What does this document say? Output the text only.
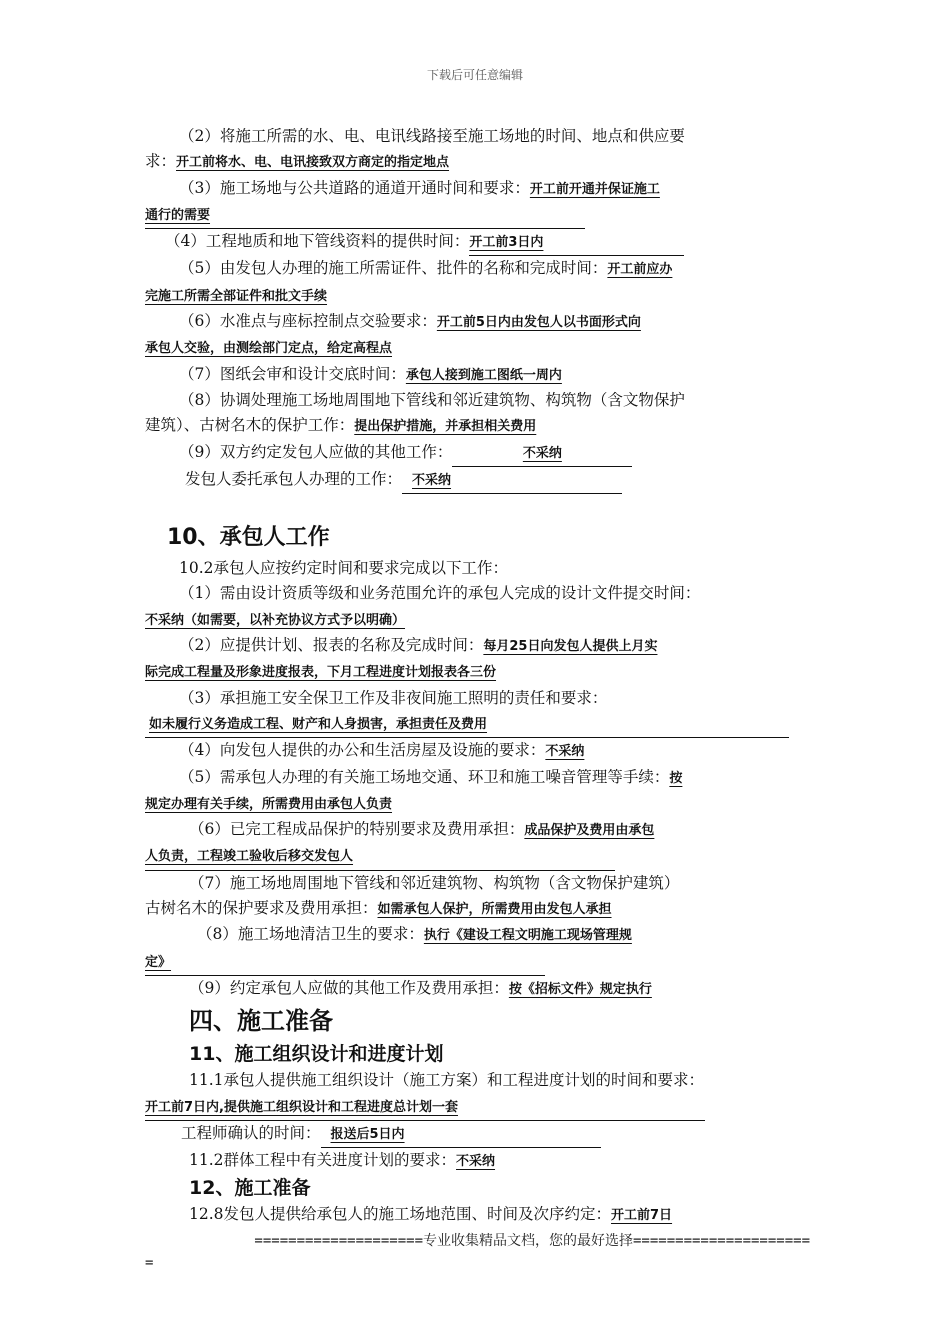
下载后可任意编辑
（2）将施工所需的水、电、电讯线路接至施工场地的时间、地点和供应要
求：开工前将水、电、电讯接致双方商定的指定地点
（3）施工场地与公共道路的通道开通时间和要求：开工前开通并保证施工
通行的需要
（4）工程地质和地下管线资料的提供时间：开工前3日内
（5）由发包人办理的施工所需证件、批件的名称和完成时间：开工前应办
完施工所需全部证件和批文手续
（6）水准点与座标控制点交验要求：开工前5日内由发包人以书面形式向
承包人交验，由测绘部门定点，给定高程点
（7）图纸会审和设计交底时间：承包人接到施工图纸一周内
（8）协调处理施工场地周围地下管线和邻近建筑物、构筑物（含文物保护
建筑）、古树名木的保护工作：提出保护措施，并承担相关费用
（9）双方约定发包人应做的其他工作：	不采纳
发包人委托承包人办理的工作： 不采纳
10、承包人工作
10.2承包人应按约定时间和要求完成以下工作：
（1）需由设计资质等级和业务范围允许的承包人完成的设计文件提交时间：
不采纳（如需要，以补充协议方式予以明确）
（2）应提供计划、报表的名称及完成时间：每月25日向发包人提供上月实
际完成工程量及形象进度报表，下月工程进度计划报表各三份
（3）承担施工安全保卫工作及非夜间施工照明的责任和要求：
如未履行义务造成工程、财产和人身损害，承担责任及费用
（4）向发包人提供的办公和生活房屋及设施的要求：不采纳
（5）需承包人办理的有关施工场地交通、环卫和施工噪音管理等手续：按
规定办理有关手续，所需费用由承包人负责
（6）已完工程成品保护的特别要求及费用承担：成品保护及费用由承包
人负责，工程竣工验收后移交发包人
（7）施工场地周围地下管线和邻近建筑物、构筑物（含文物保护建筑）
古树名木的保护要求及费用承担：如需承包人保护，所需费用由发包人承担
（8）施工场地清洁卫生的要求：执行《建设工程文明施工现场管理规
定》
（9）约定承包人应做的其他工作及费用承担：按《招标文件》规定执行
四、施工准备
11、施工组织设计和进度计划
11.1承包人提供施工组织设计（施工方案）和工程进度计划的时间和要求：
开工前7日内,提供施工组织设计和工程进度总计划一套
工程师确认的时间： 报送后5日内
11.2群体工程中有关进度计划的要求：不采纳
12、施工准备
12.8发包人提供给承包人的施工场地范围、时间及次序约定：开工前7日
====================专业收集精品文档，您的最好选择=====================
=
